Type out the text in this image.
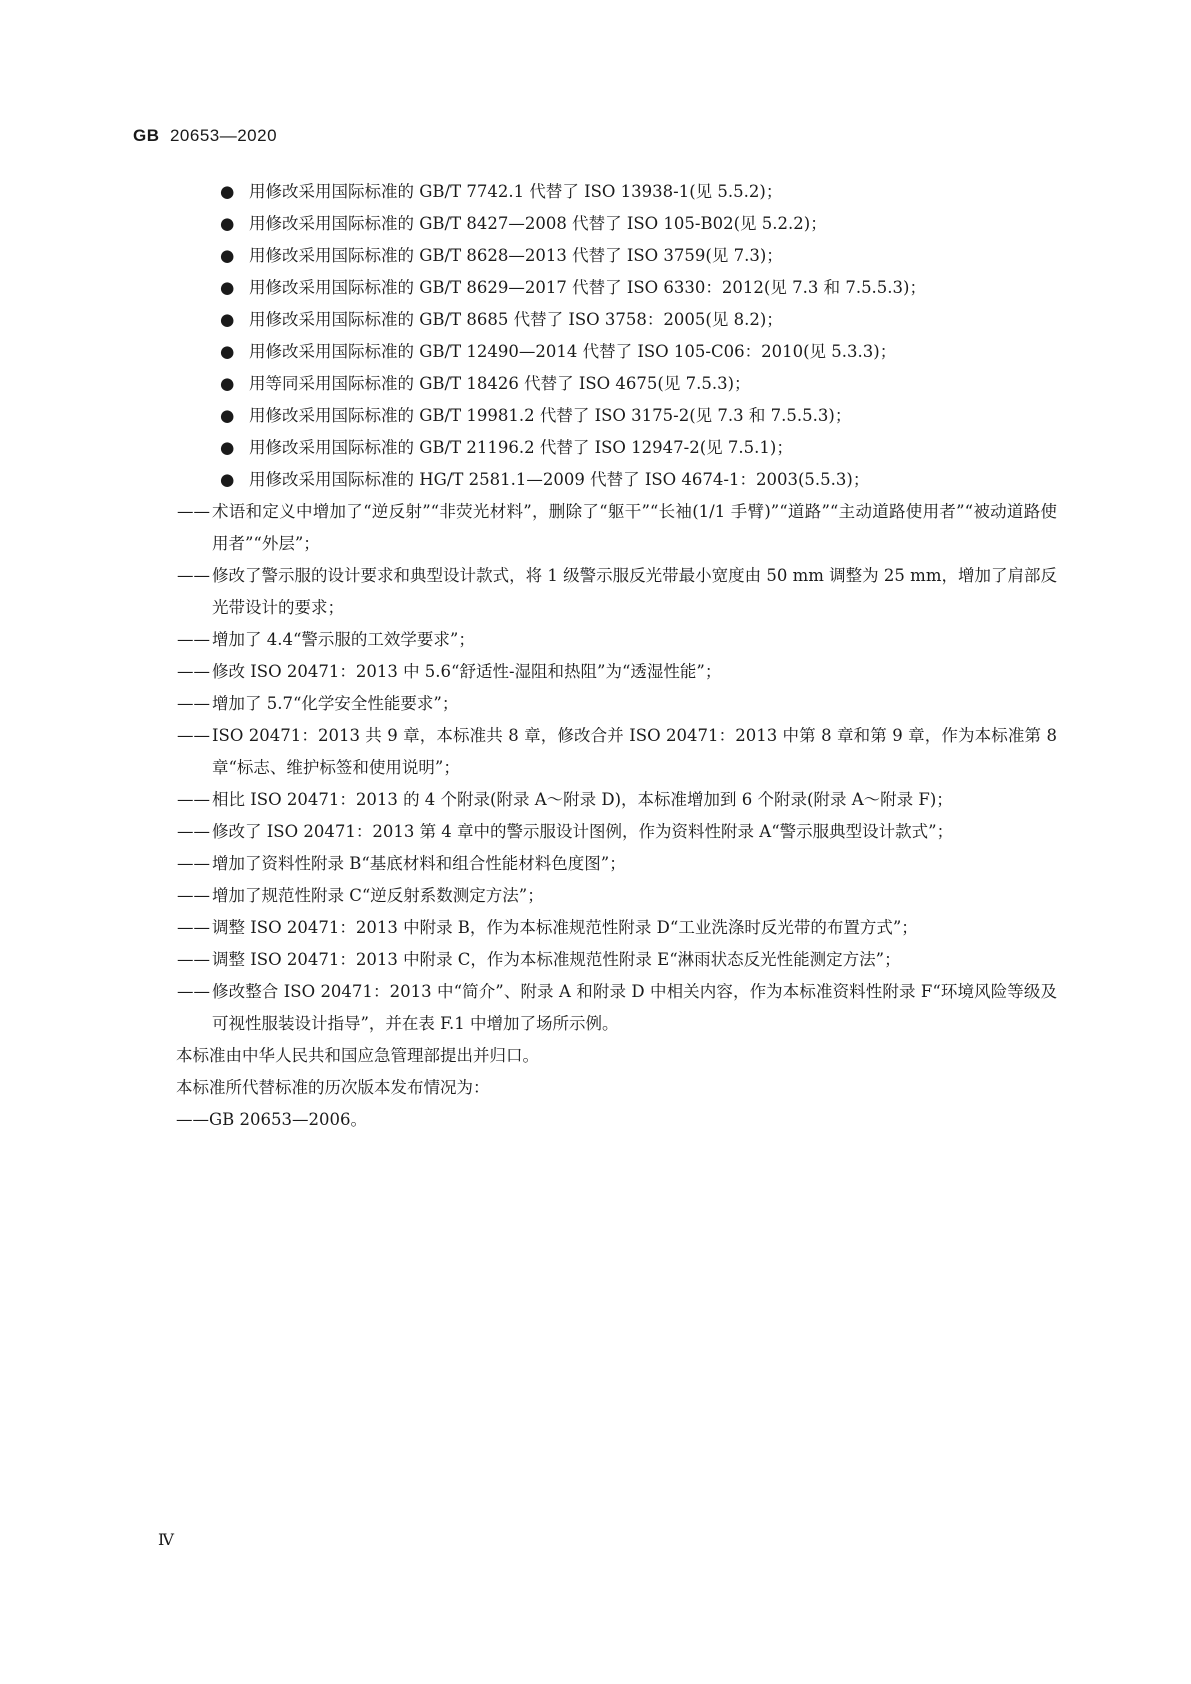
GB 20653—2020
● 用修改采用国际标准的 GB/T 7742.1 代替了 ISO 13938-1(见 5.5.2)；
● 用修改采用国际标准的 GB/T 8427—2008 代替了 ISO 105-B02(见 5.2.2)；
● 用修改采用国际标准的 GB/T 8628—2013 代替了 ISO 3759(见 7.3)；
● 用修改采用国际标准的 GB/T 8629—2017 代替了 ISO 6330：2012(见 7.3 和 7.5.5.3)；
● 用修改采用国际标准的 GB/T 8685 代替了 ISO 3758：2005(见 8.2)；
● 用修改采用国际标准的 GB/T 12490—2014 代替了 ISO 105-C06：2010(见 5.3.3)；
● 用等同采用国际标准的 GB/T 18426 代替了 ISO 4675(见 7.5.3)；
● 用修改采用国际标准的 GB/T 19981.2 代替了 ISO 3175-2(见 7.3 和 7.5.5.3)；
● 用修改采用国际标准的 GB/T 21196.2 代替了 ISO 12947-2(见 7.5.1)；
● 用修改采用国际标准的 HG/T 2581.1—2009 代替了 ISO 4674-1：2003(5.5.3)；
—— 术语和定义中增加了“逆反射”“非荧光材料”，删除了“躯干”“长袖(1/1 手臂)”“道路”“主动道路使用者”“被动道路使用者”“外层”；
—— 修改了警示服的设计要求和典型设计款式，将 1 级警示服反光带最小宽度由 50 mm 调整为 25 mm，增加了肩部反光带设计的要求；
—— 增加了 4.4“警示服的工效学要求”；
—— 修改 ISO 20471：2013 中 5.6“舒适性-湿阻和热阻”为“透湿性能”；
—— 增加了 5.7“化学安全性能要求”；
—— ISO 20471：2013 共 9 章，本标准共 8 章，修改合并 ISO 20471：2013 中第 8 章和第 9 章，作为本标准第 8 章“标志、维护标签和使用说明”；
—— 相比 ISO 20471：2013 的 4 个附录(附录 A～附录 D)，本标准增加到 6 个附录(附录 A～附录 F)；
—— 修改了 ISO 20471：2013 第 4 章中的警示服设计图例，作为资料性附录 A“警示服典型设计款式”；
—— 增加了资料性附录 B“基底材料和组合性能材料色度图”；
—— 增加了规范性附录 C“逆反射系数测定方法”；
—— 调整 ISO 20471：2013 中附录 B，作为本标准规范性附录 D“工业洗涤时反光带的布置方式”；
—— 调整 ISO 20471：2013 中附录 C，作为本标准规范性附录 E“淋雨状态反光性能测定方法”；
—— 修改整合 ISO 20471：2013 中“简介”、附录 A 和附录 D 中相关内容，作为本标准资料性附录 F“环境风险等级及可视性服装设计指导”，并在表 F.1 中增加了场所示例。
本标准由中华人民共和国应急管理部提出并归口。
本标准所代替标准的历次版本发布情况为：
——GB 20653—2006。
Ⅳ
